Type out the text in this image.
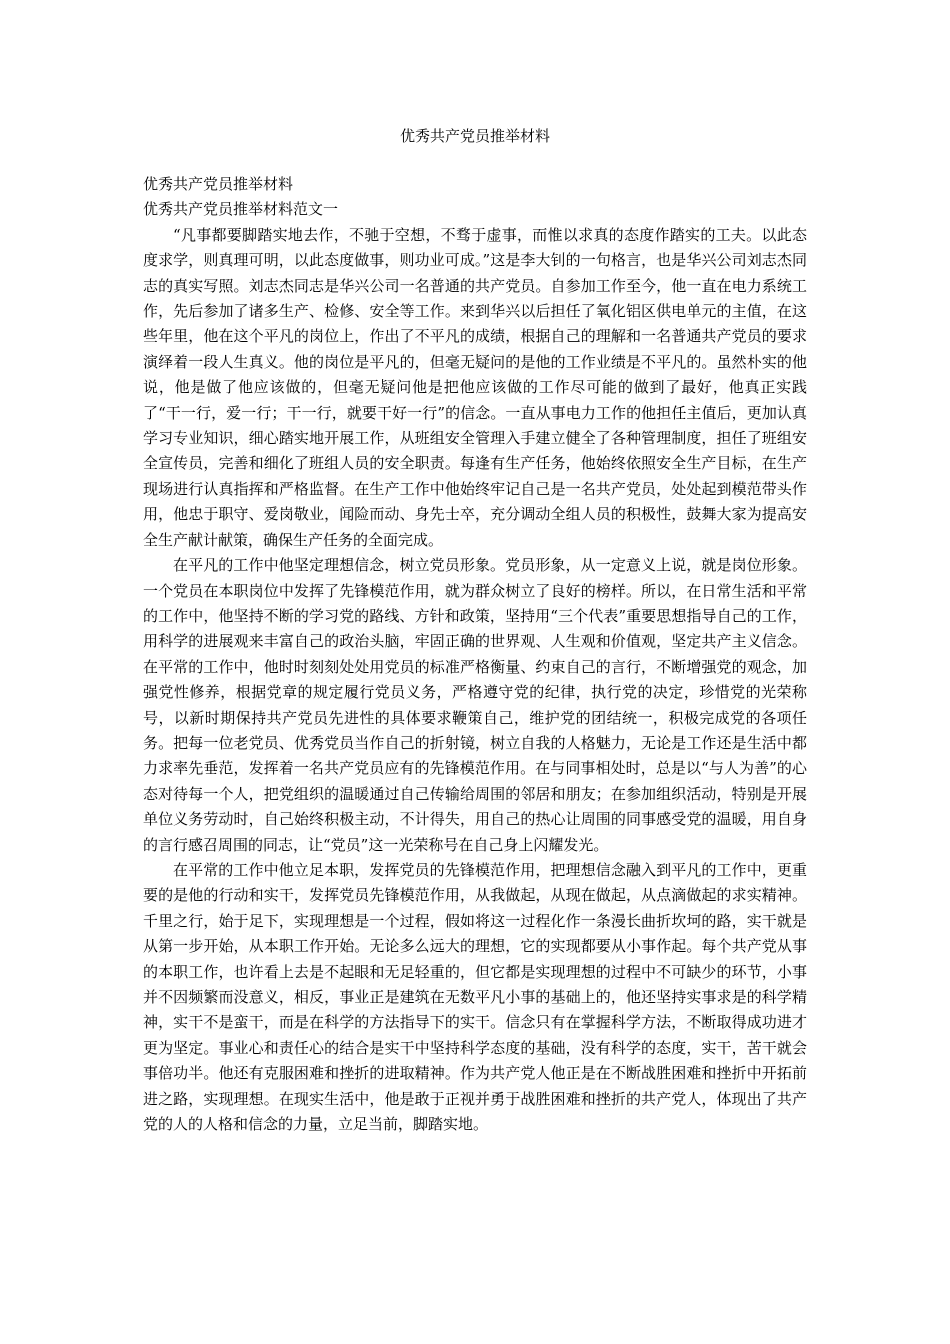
优秀共产党员推举材料

优秀共产党员推举材料

优秀共产党员推举材料范文一

“凡事都要脚踏实地去作，不驰于空想，不骛于虚事，而惟以求真的态度作踏实的工夫。以此态度求学，则真理可明，以此态度做事，则功业可成。”这是李大钊的一句格言，也是华兴公司刘志杰同志的真实写照。刘志杰同志是华兴公司一名普通的共产党员。自参加工作至今，他一直在电力系统工作，先后参加了诸多生产、检修、安全等工作。来到华兴以后担任了氧化铝区供电单元的主值，在这些年里，他在这个平凡的岗位上，作出了不平凡的成绩，根据自己的理解和一名普通共产党员的要求演绎着一段人生真义。他的岗位是平凡的，但毫无疑问的是他的工作业绩是不平凡的。虽然朴实的他说，他是做了他应该做的，但毫无疑问他是把他应该做的工作尽可能的做到了最好，他真正实践了“干一行，爱一行；干一行，就要干好一行”的信念。一直从事电力工作的他担任主值后，更加认真学习专业知识，细心踏实地开展工作，从班组安全管理入手建立健全了各种管理制度，担任了班组安全宣传员，完善和细化了班组人员的安全职责。每逢有生产任务，他始终依照安全生产目标，在生产现场进行认真指挥和严格监督。在生产工作中他始终牢记自己是一名共产党员，处处起到模范带头作用，他忠于职守、爱岗敬业，闻险而动、身先士卒，充分调动全组人员的积极性，鼓舞大家为提高安全生产献计献策，确保生产任务的全面完成。

在平凡的工作中他坚定理想信念，树立党员形象。党员形象，从一定意义上说，就是岗位形象。一个党员在本职岗位中发挥了先锋模范作用，就为群众树立了良好的榜样。所以，在日常生活和平常的工作中，他坚持不断的学习党的路线、方针和政策，坚持用“三个代表”重要思想指导自己的工作，用科学的进展观来丰富自己的政治头脑，牢固正确的世界观、人生观和价值观，坚定共产主义信念。在平常的工作中，他时时刻刻处处用党员的标准严格衡量、约束自己的言行，不断增强党的观念，加强党性修养，根据党章的规定履行党员义务，严格遵守党的纪律，执行党的决定，珍惜党的光荣称号，以新时期保持共产党员先进性的具体要求鞭策自己，维护党的团结统一，积极完成党的各项任务。把每一位老党员、优秀党员当作自己的折射镜，树立自我的人格魅力，无论是工作还是生活中都力求率先垂范，发挥着一名共产党员应有的先锋模范作用。在与同事相处时，总是以“与人为善”的心态对待每一个人，把党组织的温暖通过自己传输给周围的邻居和朋友；在参加组织活动，特别是开展单位义务劳动时，自己始终积极主动，不计得失，用自己的热心让周围的同事感受党的温暖，用自身的言行感召周围的同志，让“党员”这一光荣称号在自己身上闪耀发光。

在平常的工作中他立足本职，发挥党员的先锋模范作用，把理想信念融入到平凡的工作中，更重要的是他的行动和实干，发挥党员先锋模范作用，从我做起，从现在做起，从点滴做起的求实精神。千里之行，始于足下，实现理想是一个过程，假如将这一过程化作一条漫长曲折坎坷的路，实干就是从第一步开始，从本职工作开始。无论多么远大的理想，它的实现都要从小事作起。每个共产党从事的本职工作，也许看上去是不起眼和无足轻重的，但它都是实现理想的过程中不可缺少的环节，小事并不因频繁而没意义，相反，事业正是建筑在无数平凡小事的基础上的，他还坚持实事求是的科学精神，实干不是蛮干，而是在科学的方法指导下的实干。信念只有在掌握科学方法，不断取得成功进才更为坚定。事业心和责任心的结合是实干中坚持科学态度的基础，没有科学的态度，实干，苦干就会事倍功半。他还有克服困难和挫折的进取精神。作为共产党人他正是在不断战胜困难和挫折中开拓前进之路，实现理想。在现实生活中，他是敢于正视并勇于战胜困难和挫折的共产党人，体现出了共产党的人的人格和信念的力量，立足当前，脚踏实地。
